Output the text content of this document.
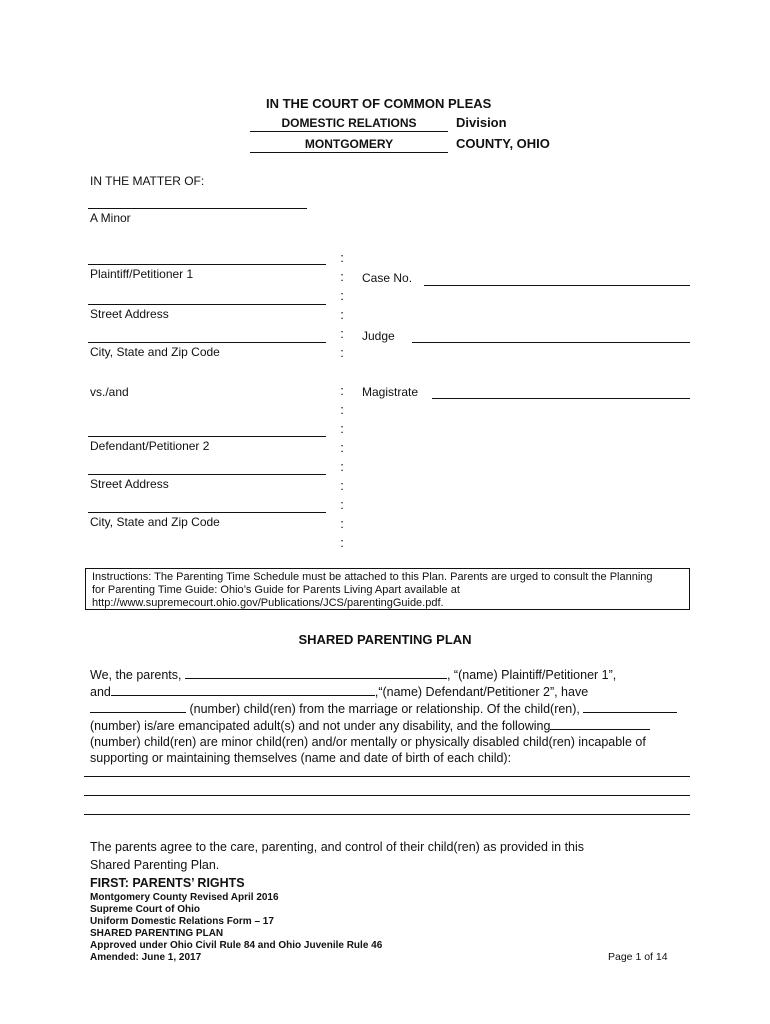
IN THE COURT OF COMMON PLEAS
DOMESTIC RELATIONS	Division
MONTGOMERY	COUNTY, OHIO
IN THE MATTER OF:
A Minor
Plaintiff/Petitioner 1
Street Address
City, State and Zip Code
vs./and
Defendant/Petitioner 2
Street Address
City, State and Zip Code
:
:
:
:
:
:
:
:
:
:
:
:
:
:
:
Case No.
Judge
Magistrate
Instructions: The Parenting Time Schedule must be attached to this Plan. Parents are urged to consult the Planning
for Parenting Time Guide: Ohio’s Guide for Parents Living Apart available at
http://www.supremecourt.ohio.gov/Publications/JCS/parentingGuide.pdf.
SHARED PARENTING PLAN
We, the parents,	, “(name) Plaintiff/Petitioner 1”,
and	,“(name) Defendant/Petitioner 2”, have
(number) child(ren) from the marriage or relationship. Of the child(ren),
(number) is/are emancipated adult(s) and not under any disability, and the following
(number) child(ren) are minor child(ren) and/or mentally or physically disabled child(ren) incapable of
supporting or maintaining themselves (name and date of birth of each child):
The parents agree to the care, parenting, and control of their child(ren) as provided in this
Shared Parenting Plan.
FIRST: PARENTS’ RIGHTS
Montgomery County Revised April 2016
Supreme Court of Ohio
Uniform Domestic Relations Form – 17
SHARED PARENTING PLAN
Approved under Ohio Civil Rule 84 and Ohio Juvenile Rule 46
Amended: June 1, 2017	Page 1 of 14
